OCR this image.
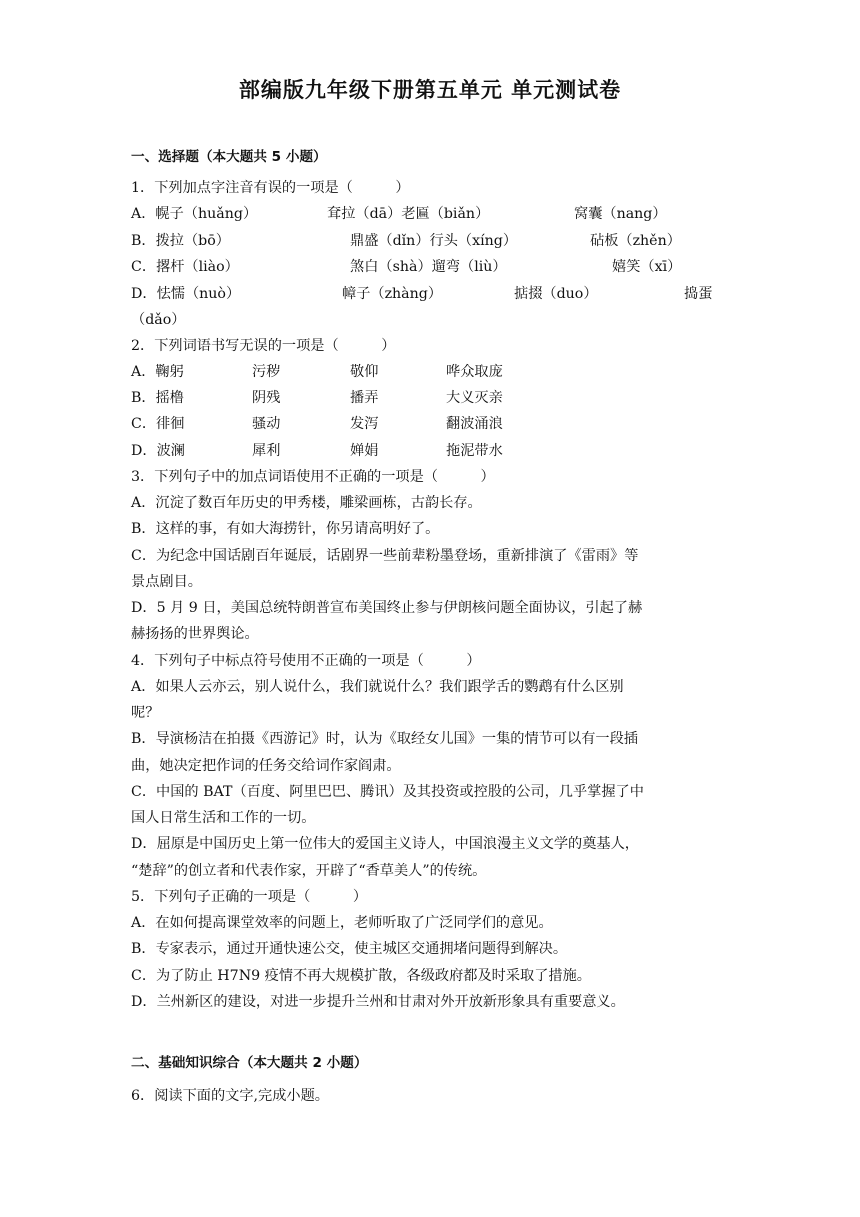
部编版九年级下册第五单元 单元测试卷
一、选择题（本大题共 5 小题）
1．下列加点字注音有误的一项是（　　　）
A．幌子（huǎng）	耷拉（dā）老匾（biǎn）	窝囊（nang）
B．拨拉（bō）	鼎盛（dǐn）行头（xíng）	砧板（zhěn）
C．撂杆（liào）	煞白（shà）遛弯（liù）	嬉笑（xī）
D．怯懦（nuò）	幛子（zhàng）	掂掇（duo）	捣蛋
（dǎo）
2．下列词语书写无误的一项是（　　　）
A．鞠躬	污秽	敬仰	哗众取庞
B．摇橹	阴残	播弄	大义灭亲
C．徘徊	骚动	发泻	翻波涌浪
D．波澜	犀利	婵娟	拖泥带水
3．下列句子中的加点词语使用不正确的一项是（　　　）
A．沉淀了数百年历史的甲秀楼，雕梁画栋，古韵长存。
B．这样的事，有如大海捞针，你另请高明好了。
C．为纪念中国话剧百年诞辰，话剧界一些前辈粉墨登场，重新排演了《雷雨》等
景点剧目。
D．5 月 9 日，美国总统特朗普宣布美国终止参与伊朗核问题全面协议，引起了赫
赫扬扬的世界舆论。
4．下列句子中标点符号使用不正确的一项是（　　　）
A．如果人云亦云，别人说什么，我们就说什么？我们跟学舌的鹦鹉有什么区别
呢？
B．导演杨洁在拍摄《西游记》时，认为《取经女儿国》一集的情节可以有一段插
曲，她决定把作词的任务交给词作家阎肃。
C．中国的 BAT（百度、阿里巴巴、腾讯）及其投资或控股的公司，几乎掌握了中
国人日常生活和工作的一切。
D．屈原是中国历史上第一位伟大的爱国主义诗人，中国浪漫主义文学的奠基人，
“楚辞”的创立者和代表作家，开辟了“香草美人”的传统。
5．下列句子正确的一项是（　　　）
A．在如何提高课堂效率的问题上，老师听取了广泛同学们的意见。
B．专家表示，通过开通快速公交，使主城区交通拥堵问题得到解决。
C．为了防止 H7N9 疫情不再大规模扩散，各级政府都及时采取了措施。
D．兰州新区的建设，对进一步提升兰州和甘肃对外开放新形象具有重要意义。
二、基础知识综合（本大题共 2 小题）
6．阅读下面的文字,完成小题。
